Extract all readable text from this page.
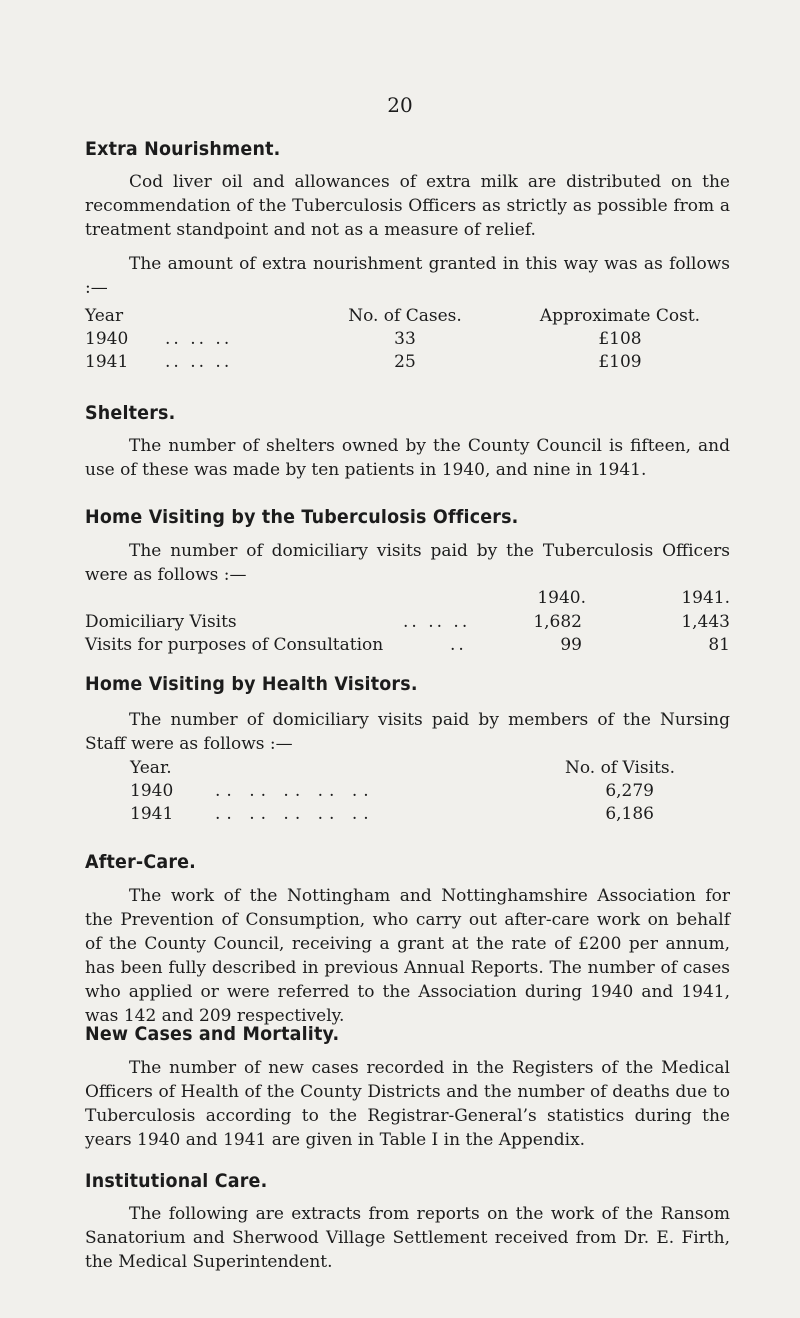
20
Extra Nourishment.

Cod liver oil and allowances of extra milk are distributed on the recommendation of the Tuberculosis Officers as strictly as possible from a treatment standpoint and not as a measure of relief.

The amount of extra nourishment granted in this way was as follows :—

Year	No. of Cases.	Approximate Cost.
1940 .. .. ..	33	£108
1941 .. .. ..	25	£109
Shelters.

The number of shelters owned by the County Council is fifteen, and use of these was made by ten patients in 1940, and nine in 1941.

Home Visiting by the Tuberculosis Officers.

The number of domiciliary visits paid by the Tuberculosis Officers were as follows :—

1940.	1941.
Domiciliary Visits	.. .. ..	1,682	1,443
Visits for purposes of Consultation	..	99	81
Home Visiting by Health Visitors.

The number of domiciliary visits paid by members of the Nursing Staff were as follows :—

Year.	No. of Visits.
1940 .. .. .. .. ..	6,279
1941 .. .. .. .. ..	6,186
After-Care.

The work of the Nottingham and Nottinghamshire Association for the Prevention of Consumption, who carry out after-care work on behalf of the County Council, receiving a grant at the rate of £200 per annum, has been fully described in previous Annual Reports. The number of cases who applied or were referred to the Association during 1940 and 1941, was 142 and 209 respectively.

New Cases and Mortality.

The number of new cases recorded in the Registers of the Medical Officers of Health of the County Districts and the number of deaths due to Tuberculosis according to the Registrar-General’s statistics during the years 1940 and 1941 are given in Table I in the Appendix.

Institutional Care.

The following are extracts from reports on the work of the Ransom Sanatorium and Sherwood Village Settlement received from Dr. E. Firth, the Medical Superintendent.
